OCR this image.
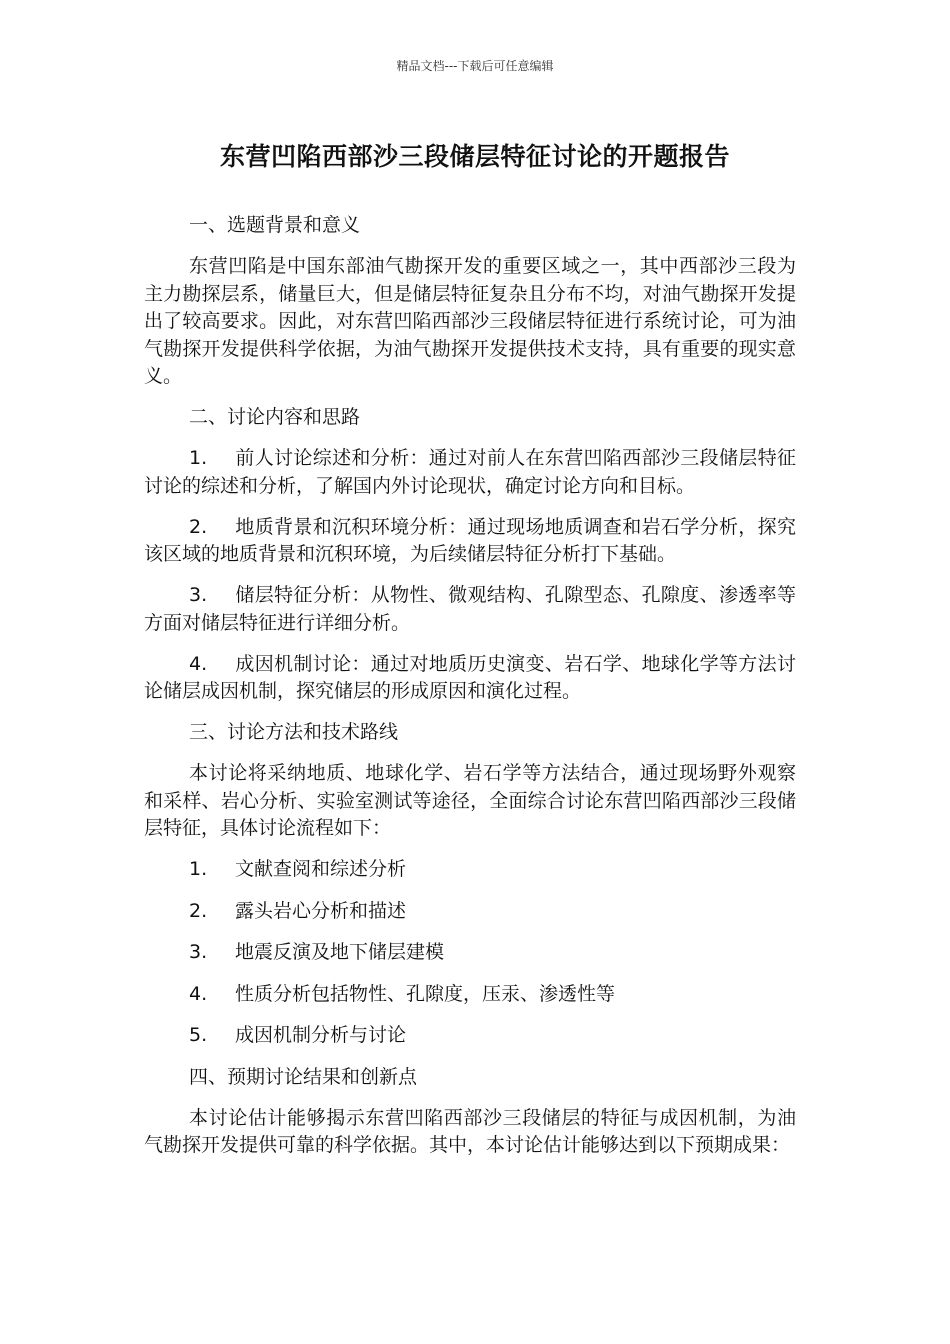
精品文档---下载后可任意编辑
东营凹陷西部沙三段储层特征讨论的开题报告
一、选题背景和意义
东营凹陷是中国东部油气勘探开发的重要区域之一，其中西部沙三段为主力勘探层系，储量巨大，但是储层特征复杂且分布不均，对油气勘探开发提出了较高要求。因此，对东营凹陷西部沙三段储层特征进行系统讨论，可为油气勘探开发提供科学依据，为油气勘探开发提供技术支持，具有重要的现实意义。
二、讨论内容和思路
1. 前人讨论综述和分析：通过对前人在东营凹陷西部沙三段储层特征讨论的综述和分析，了解国内外讨论现状，确定讨论方向和目标。
2. 地质背景和沉积环境分析：通过现场地质调查和岩石学分析，探究该区域的地质背景和沉积环境，为后续储层特征分析打下基础。
3. 储层特征分析：从物性、微观结构、孔隙型态、孔隙度、渗透率等方面对储层特征进行详细分析。
4. 成因机制讨论：通过对地质历史演变、岩石学、地球化学等方法讨论储层成因机制，探究储层的形成原因和演化过程。
三、讨论方法和技术路线
本讨论将采纳地质、地球化学、岩石学等方法结合，通过现场野外观察和采样、岩心分析、实验室测试等途径，全面综合讨论东营凹陷西部沙三段储层特征，具体讨论流程如下：
1. 文献查阅和综述分析
2. 露头岩心分析和描述
3. 地震反演及地下储层建模
4. 性质分析包括物性、孔隙度，压汞、渗透性等
5. 成因机制分析与讨论
四、预期讨论结果和创新点
本讨论估计能够揭示东营凹陷西部沙三段储层的特征与成因机制，为油气勘探开发提供可靠的科学依据。其中，本讨论估计能够达到以下预期成果：
